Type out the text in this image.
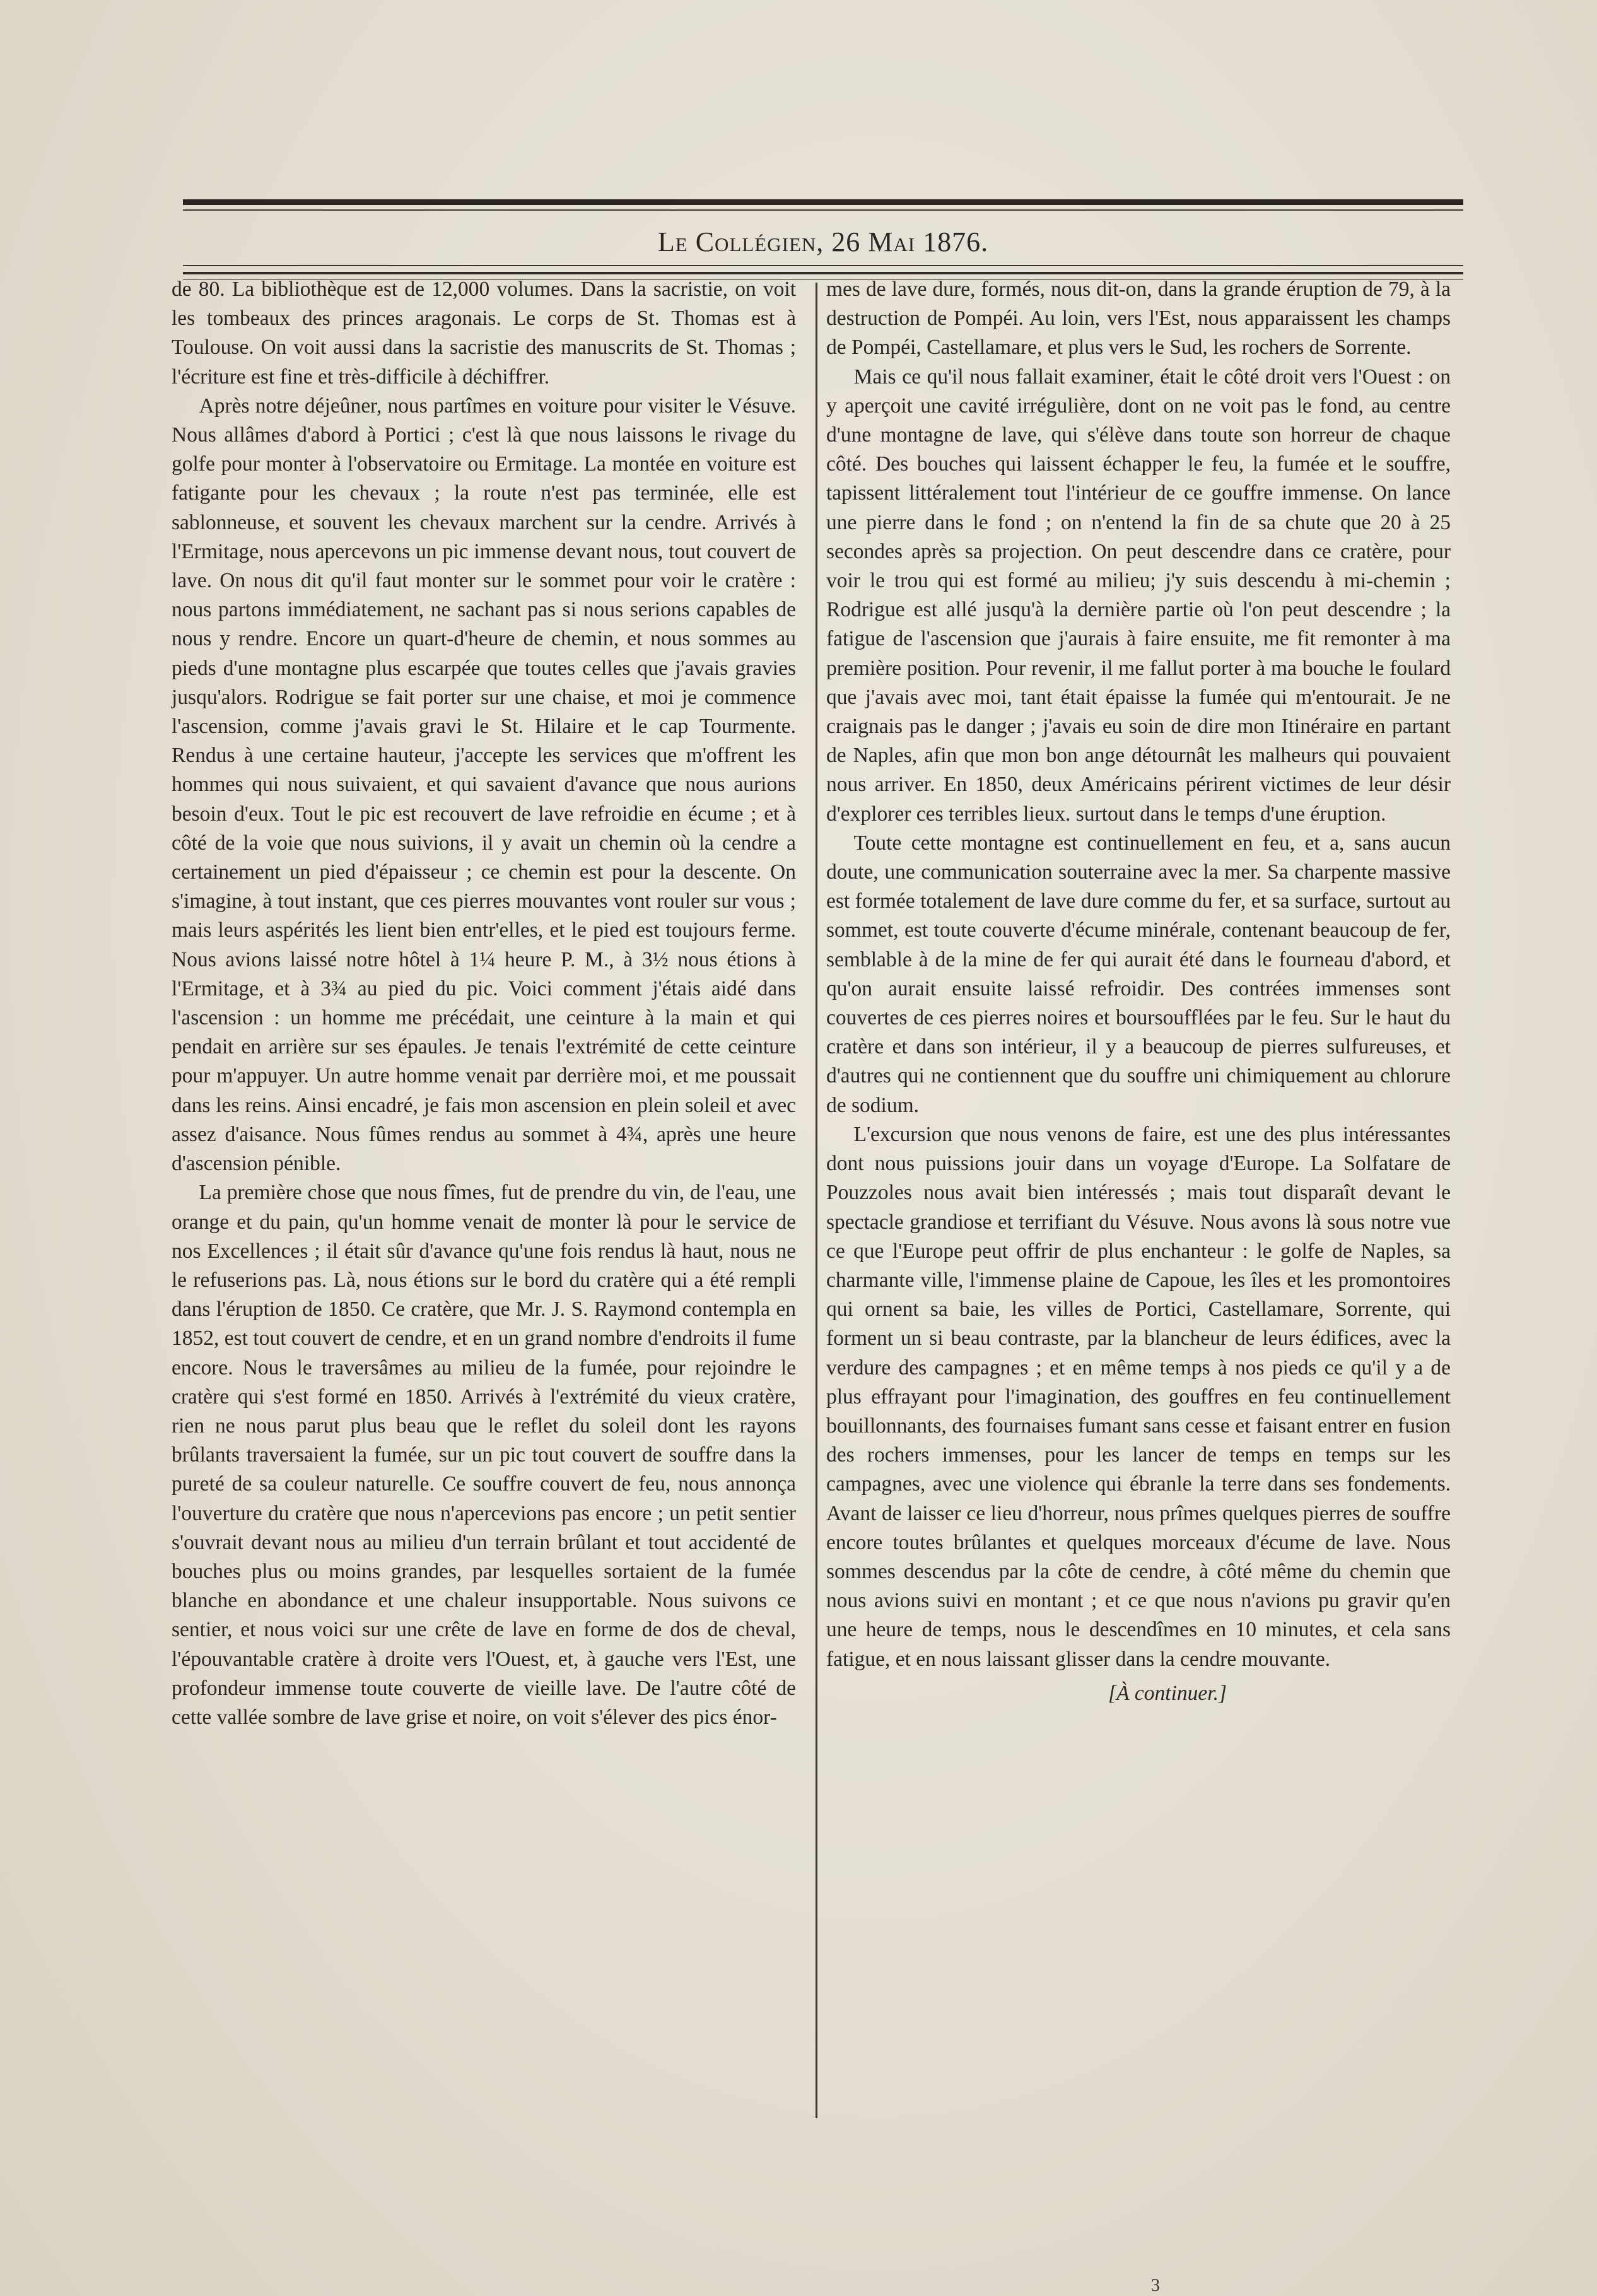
Le Collégien, 26 Mai 1876.

de 80. La bibliothèque est de 12,000 volumes. Dans la sacristie, on voit les tombeaux des princes aragonais. Le corps de St. Thomas est à Toulouse. On voit aussi dans la sacristie des manuscrits de St. Thomas ; l'écriture est fine et très-difficile à déchiffrer.

Après notre déjeûner, nous partîmes en voiture pour visiter le Vésuve. Nous allâmes d'abord à Portici ; c'est là que nous laissons le rivage du golfe pour monter à l'observatoire ou Ermitage. La montée en voiture est fatigante pour les chevaux ; la route n'est pas terminée, elle est sablonneuse, et souvent les chevaux marchent sur la cendre. Arrivés à l'Ermitage, nous apercevons un pic immense devant nous, tout couvert de lave. On nous dit qu'il faut monter sur le sommet pour voir le cratère : nous partons immédiatement, ne sachant pas si nous serions capables de nous y rendre. Encore un quart-d'heure de chemin, et nous sommes au pieds d'une montagne plus escarpée que toutes celles que j'avais gravies jusqu'alors. Rodrigue se fait porter sur une chaise, et moi je commence l'ascension, comme j'avais gravi le St. Hilaire et le cap Tourmente. Rendus à une certaine hauteur, j'accepte les services que m'offrent les hommes qui nous suivaient, et qui savaient d'avance que nous aurions besoin d'eux. Tout le pic est recouvert de lave refroidie en écume ; et à côté de la voie que nous suivions, il y avait un chemin où la cendre a certainement un pied d'épaisseur ; ce chemin est pour la descente. On s'imagine, à tout instant, que ces pierres mouvantes vont rouler sur vous ; mais leurs aspérités les lient bien entr'elles, et le pied est toujours ferme. Nous avions laissé notre hôtel à 1¼ heure P. M., à 3½ nous étions à l'Ermitage, et à 3¾ au pied du pic. Voici comment j'étais aidé dans l'ascension : un homme me précédait, une ceinture à la main et qui pendait en arrière sur ses épaules. Je tenais l'extrémité de cette ceinture pour m'appuyer. Un autre homme venait par derrière moi, et me poussait dans les reins. Ainsi encadré, je fais mon ascension en plein soleil et avec assez d'aisance. Nous fûmes rendus au sommet à 4¾, après une heure d'ascension pénible.

La première chose que nous fîmes, fut de prendre du vin, de l'eau, une orange et du pain, qu'un homme venait de monter là pour le service de nos Excellences ; il était sûr d'avance qu'une fois rendus là haut, nous ne le refuserions pas. Là, nous étions sur le bord du cratère qui a été rempli dans l'éruption de 1850. Ce cratère, que Mr. J. S. Raymond contempla en 1852, est tout couvert de cendre, et en un grand nombre d'endroits il fume encore. Nous le traversâmes au milieu de la fumée, pour rejoindre le cratère qui s'est formé en 1850. Arrivés à l'extrémité du vieux cratère, rien ne nous parut plus beau que le reflet du soleil dont les rayons brûlants traversaient la fumée, sur un pic tout couvert de souffre dans la pureté de sa couleur naturelle. Ce souffre couvert de feu, nous annonça l'ouverture du cratère que nous n'apercevions pas encore ; un petit sentier s'ouvrait devant nous au milieu d'un terrain brûlant et tout accidenté de bouches plus ou moins grandes, par lesquelles sortaient de la fumée blanche en abondance et une chaleur insupportable. Nous suivons ce sentier, et nous voici sur une crête de lave en forme de dos de cheval, l'épouvantable cratère à droite vers l'Ouest, et, à gauche vers l'Est, une profondeur immense toute couverte de vieille lave. De l'autre côté de cette vallée sombre de lave grise et noire, on voit s'élever des pics énor-

mes de lave dure, formés, nous dit-on, dans la grande éruption de 79, à la destruction de Pompéi. Au loin, vers l'Est, nous apparaissent les champs de Pompéi, Castellamare, et plus vers le Sud, les rochers de Sorrente.

Mais ce qu'il nous fallait examiner, était le côté droit vers l'Ouest : on y aperçoit une cavité irrégulière, dont on ne voit pas le fond, au centre d'une montagne de lave, qui s'élève dans toute son horreur de chaque côté. Des bouches qui laissent échapper le feu, la fumée et le souffre, tapissent littéralement tout l'intérieur de ce gouffre immense. On lance une pierre dans le fond ; on n'entend la fin de sa chute que 20 à 25 secondes après sa projection. On peut descendre dans ce cratère, pour voir le trou qui est formé au milieu; j'y suis descendu à mi-chemin ; Rodrigue est allé jusqu'à la dernière partie où l'on peut descendre ; la fatigue de l'ascension que j'aurais à faire ensuite, me fit remonter à ma première position. Pour revenir, il me fallut porter à ma bouche le foulard que j'avais avec moi, tant était épaisse la fumée qui m'entourait. Je ne craignais pas le danger ; j'avais eu soin de dire mon Itinéraire en partant de Naples, afin que mon bon ange détournât les malheurs qui pouvaient nous arriver. En 1850, deux Américains périrent victimes de leur désir d'explorer ces terribles lieux. surtout dans le temps d'une éruption.

Toute cette montagne est continuellement en feu, et a, sans aucun doute, une communication souterraine avec la mer. Sa charpente massive est formée totalement de lave dure comme du fer, et sa surface, surtout au sommet, est toute couverte d'écume minérale, contenant beaucoup de fer, semblable à de la mine de fer qui aurait été dans le fourneau d'abord, et qu'on aurait ensuite laissé refroidir. Des contrées immenses sont couvertes de ces pierres noires et boursoufflées par le feu. Sur le haut du cratère et dans son intérieur, il y a beaucoup de pierres sulfureuses, et d'autres qui ne contiennent que du souffre uni chimiquement au chlorure de sodium.

L'excursion que nous venons de faire, est une des plus intéressantes dont nous puissions jouir dans un voyage d'Europe. La Solfatare de Pouzzoles nous avait bien intéressés ; mais tout disparaît devant le spectacle grandiose et terrifiant du Vésuve. Nous avons là sous notre vue ce que l'Europe peut offrir de plus enchanteur : le golfe de Naples, sa charmante ville, l'immense plaine de Capoue, les îles et les promontoires qui ornent sa baie, les villes de Portici, Castellamare, Sorrente, qui forment un si beau contraste, par la blancheur de leurs édifices, avec la verdure des campagnes ; et en même temps à nos pieds ce qu'il y a de plus effrayant pour l'imagination, des gouffres en feu continuellement bouillonnants, des fournaises fumant sans cesse et faisant entrer en fusion des rochers immenses, pour les lancer de temps en temps sur les campagnes, avec une violence qui ébranle la terre dans ses fondements. Avant de laisser ce lieu d'horreur, nous prîmes quelques pierres de souffre encore toutes brûlantes et quelques morceaux d'écume de lave. Nous sommes descendus par la côte de cendre, à côté même du chemin que nous avions suivi en montant ; et ce que nous n'avions pu gravir qu'en une heure de temps, nous le descendîmes en 10 minutes, et cela sans fatigue, et en nous laissant glisser dans la cendre mouvante.

[À continuer.]
3
